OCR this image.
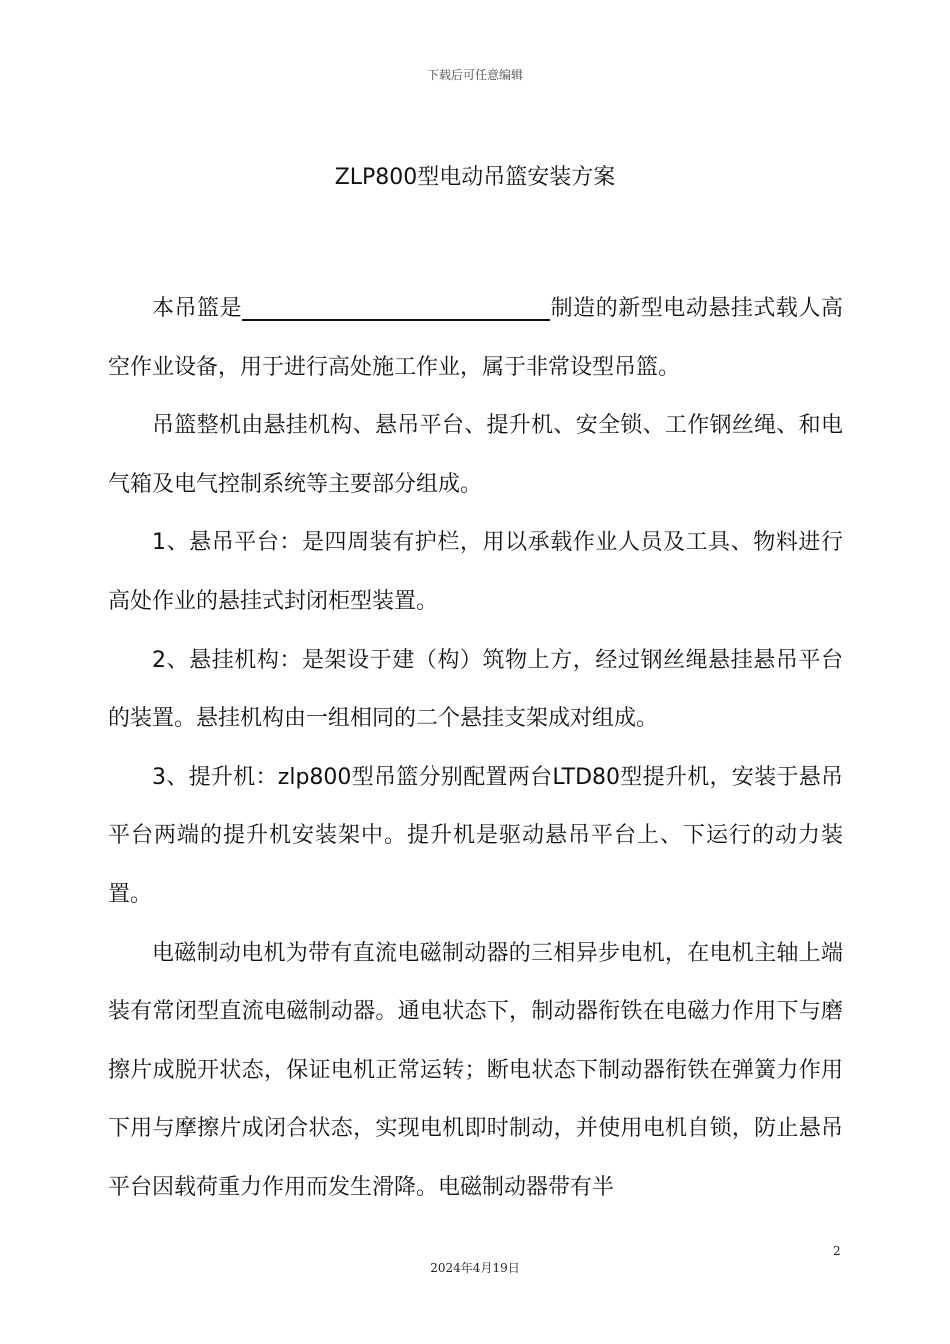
下载后可任意编辑
ZLP800型电动吊篮安装方案

本吊篮是	制造的新型电动悬挂式载人高空作业设备，用于进行高处施工作业，属于非常设型吊篮。

吊篮整机由悬挂机构、悬吊平台、提升机、安全锁、工作钢丝绳、和电气箱及电气控制系统等主要部分组成。

1、悬吊平台：是四周装有护栏，用以承载作业人员及工具、物料进行高处作业的悬挂式封闭柜型装置。

2、悬挂机构：是架设于建（构）筑物上方，经过钢丝绳悬挂悬吊平台的装置。悬挂机构由一组相同的二个悬挂支架成对组成。

3、提升机：zlp800型吊篮分别配置两台LTD80型提升机，安装于悬吊平台两端的提升机安装架中。提升机是驱动悬吊平台上、下运行的动力装置。

电磁制动电机为带有直流电磁制动器的三相异步电机，在电机主轴上端装有常闭型直流电磁制动器。通电状态下，制动器衔铁在电磁力作用下与磨擦片成脱开状态，保证电机正常运转；断电状态下制动器衔铁在弹簧力作用下用与摩擦片成闭合状态，实现电机即时制动，并使用电机自锁，防止悬吊平台因载荷重力作用而发生滑降。电磁制动器带有半

2
2024年4月19日
